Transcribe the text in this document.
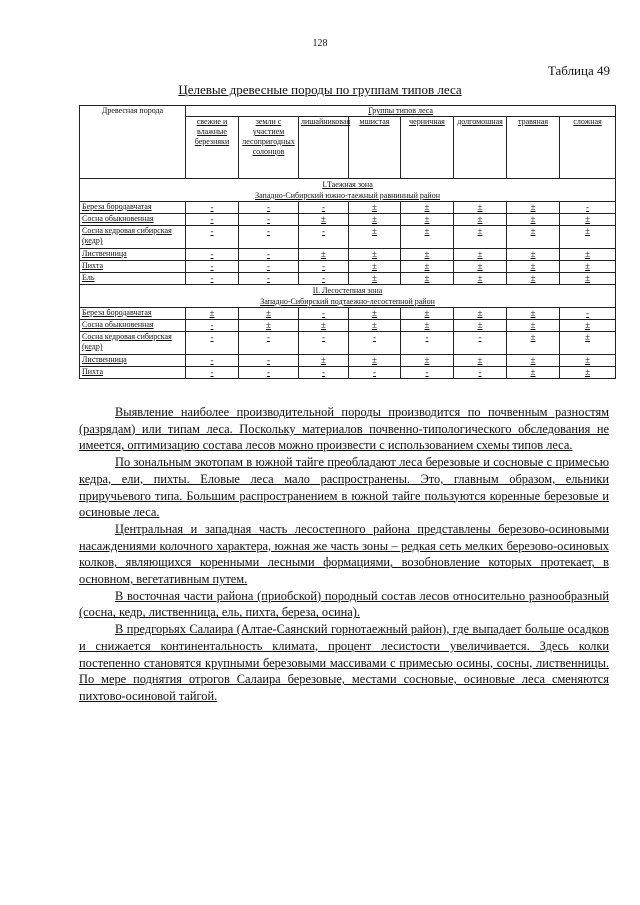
128
Таблица 49
Целевые древесные породы по группам типов леса
Древесная порода	Группы типов леса							
	свежие и влажные березняки	земли с участием лесопригодных солонцов	лишайниковая	мшистая	черничная	долгомошная	травяная	сложная

I.Таежная зона
Западно-Сибирский южно-таежный равнинный район								

Береза бородавчатая	-	-	-	±	±	±	±	-
Сосна обыкновенная	-	-	±	±	±	±	±	±
Сосна кедровая сибирская (кедр)	-	-	-	±	±	±	±	±
Лиственница	-	-	±	±	±	±	±	±
Пихта	-	-	-	±	±	±	±	±
Ель	-	-	-	±	±	±	±	±

II. Лесостепная зона
Западно-Сибирский подтаежно-лесостепной район								

Береза бородавчатая	±	±	-	±	±	±	±	-
Сосна обыкновенная	-	±	±	±	±	±	±	±
Сосна кедровая сибирская (кедр)	-	-	-	-	-	-	±	±
Лиственница	-	-	±	±	±	±	±	±
Пихта	-	-	-	-	-	-	±	±

Выявление наиболее производительной породы производится по почвенным разностям (разрядам) или типам леса. Поскольку материалов почвенно-типологического обследования не имеется, оптимизацию состава лесов можно произвести с использованием схемы типов леса.

По зональным экотопам в южной тайге преобладают леса березовые и сосновые с примесью кедра, ели, пихты. Еловые леса мало распространены. Это, главным образом, ельники приручьевого типа. Большим распространением в южной тайге пользуются коренные березовые и осиновые леса.

Центральная и западная часть лесостепного района представлены березово-осиновыми насаждениями колочного характера, южная же часть зоны – редкая сеть мелких березово-осиновых колков, являющихся коренными лесными формациями, возобновление которых протекает, в основном, вегетативным путем.

В восточная части района (приобской) породный состав лесов относительно разнообразный (сосна, кедр, лиственница, ель, пихта, береза, осина).

В предгорьях Салаира (Алтае-Саянский горнотаежный район), где выпадает больше осадков и снижается континентальность климата, процент лесистости увеличивается. Здесь колки постепенно становятся крупными березовыми массивами с примесью осины, сосны, лиственницы. По мере поднятия отрогов Салаира березовые, местами сосновые, осиновые леса сменяются пихтово-осиновой тайгой.
